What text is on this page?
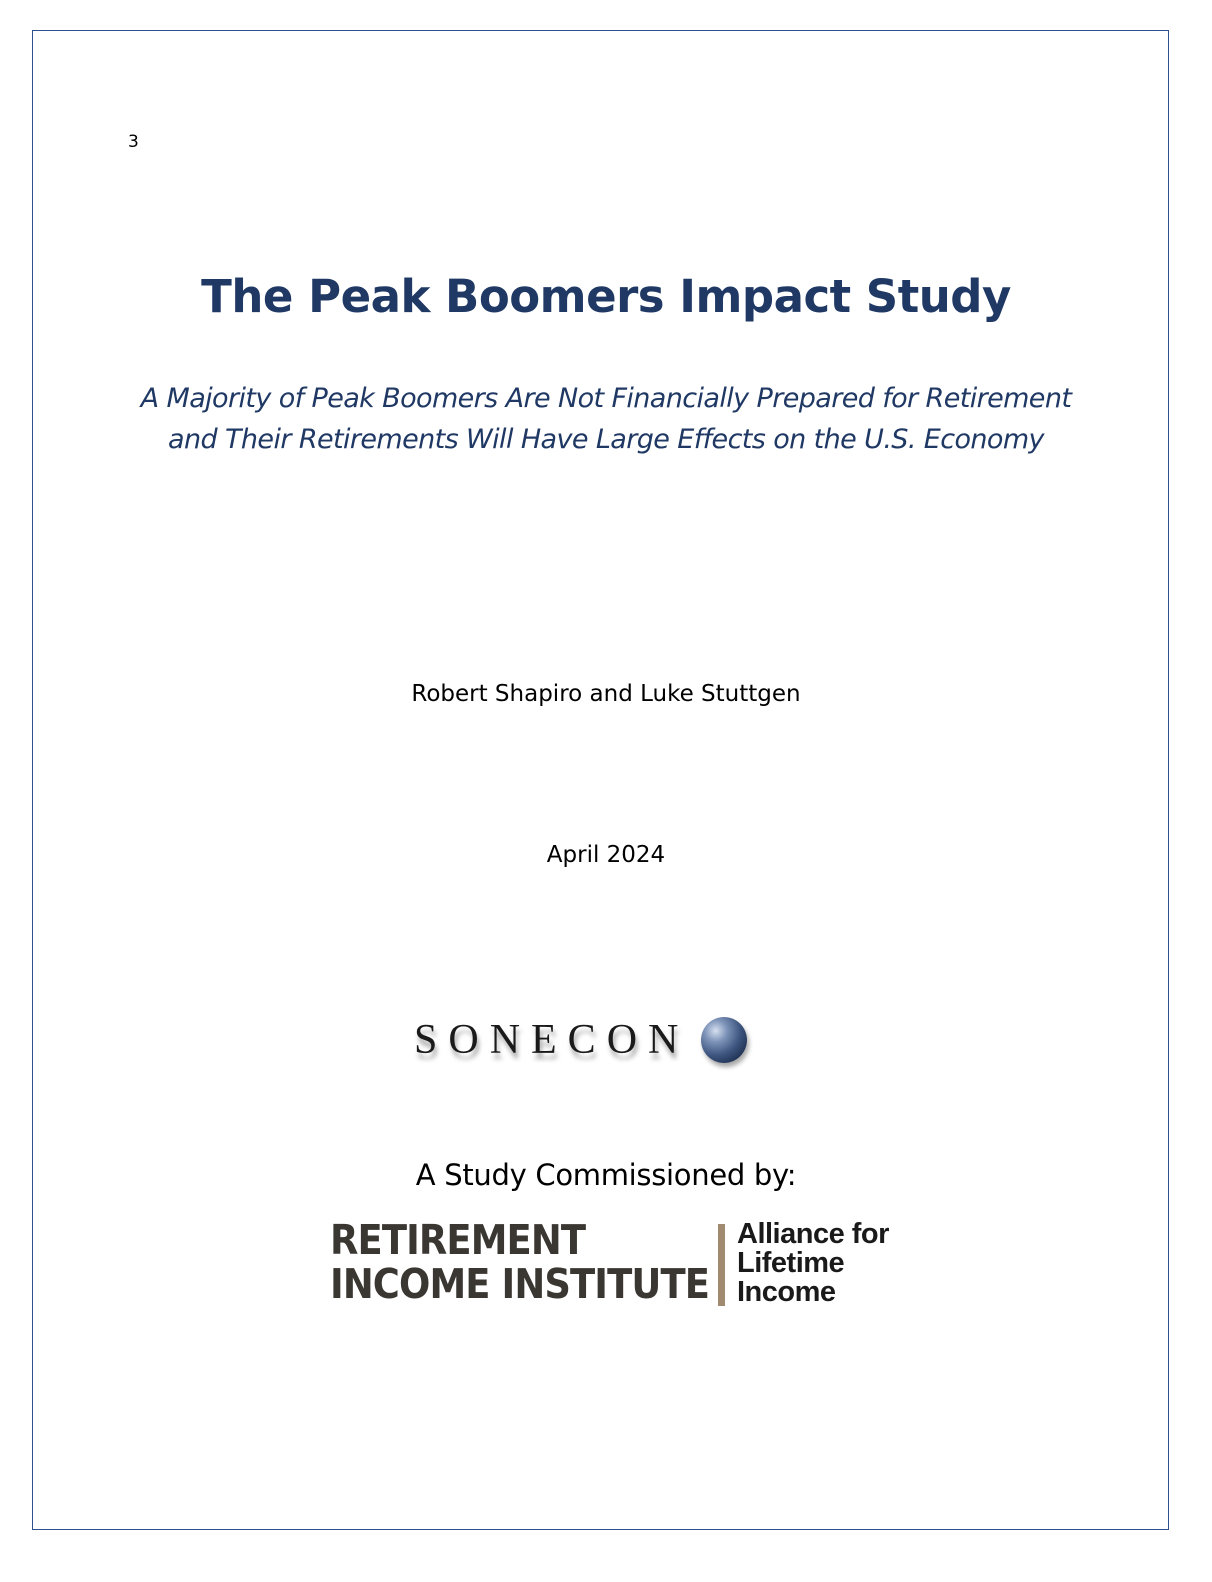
3
The Peak Boomers Impact Study
A Majority of Peak Boomers Are Not Financially Prepared for Retirement
and Their Retirements Will Have Large Effects on the U.S. Economy
Robert Shapiro and Luke Stuttgen
April 2024
SONECON
A Study Commissioned by:
RETIREMENT
INCOME INSTITUTE
Alliance for
Lifetime
Income
